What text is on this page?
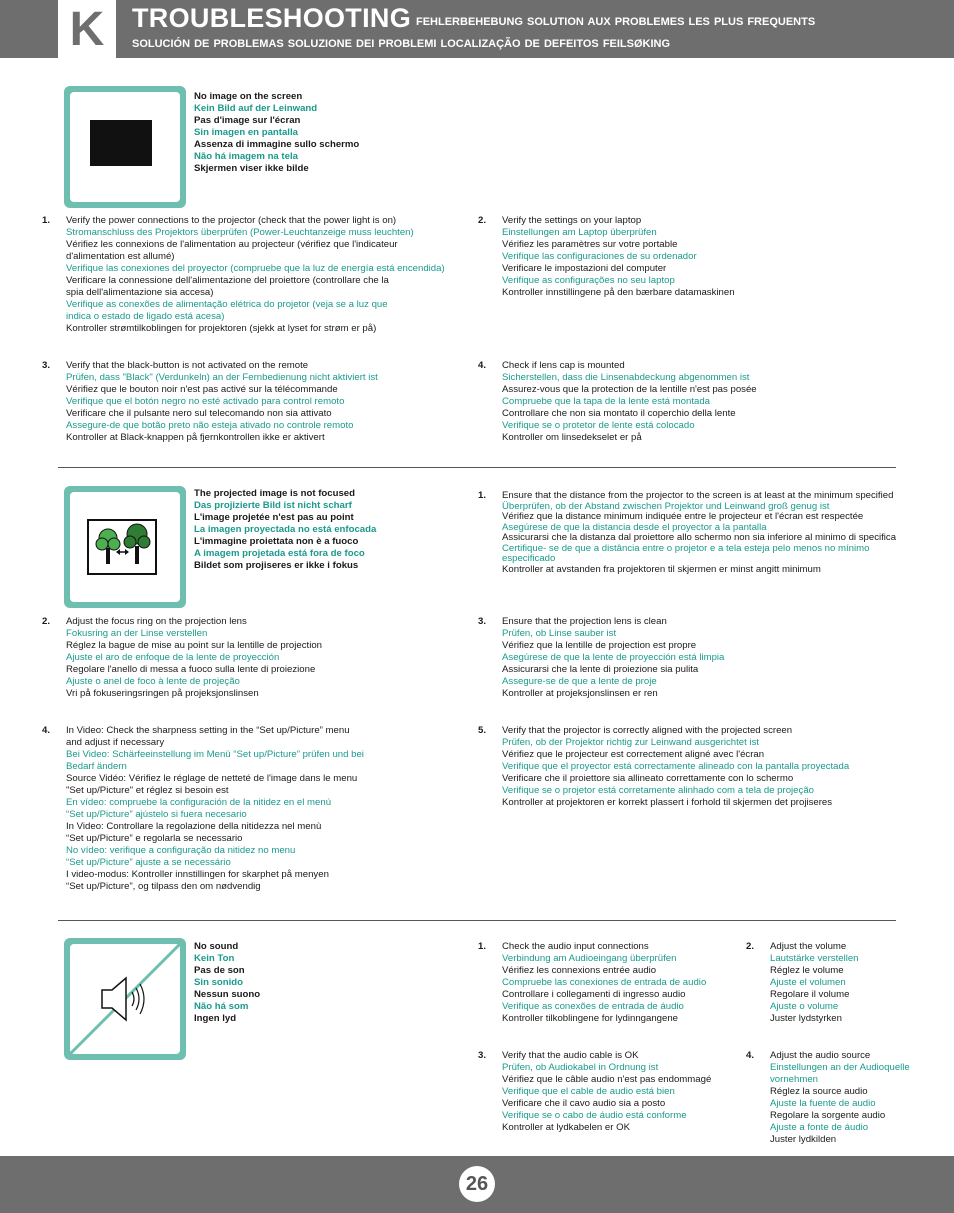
K	TROUBLESHOOTING FEHLERBEHEBUNG SOLUTION AUX PROBLEMES LES PLUS FREQUENTS
SOLUCIÓN DE PROBLEMAS SOLUZIONE DEI PROBLEMI LOCALIZAÇÃO DE DEFEITOS FEILSØKING
No image on the screen
Kein Bild auf der Leinwand
Pas d'image sur l'écran
Sin imagen en pantalla
Assenza di immagine sullo schermo
Não há imagem na tela
Skjermen viser ikke bilde
1. Verify the power connections to the projector (check that the power light is on)
Stromanschluss des Projektors überprüfen (Power-Leuchtanzeige muss leuchten)
Vérifiez les connexions de l'alimentation au projecteur (vérifiez que l'indicateur
d'alimentation est allumé)
Verifique las conexiones del proyector (compruebe que la luz de energía está encendida)
Verificare la connessione dell'alimentazione del proiettore (controllare che la
spia dell'alimentazione sia accesa)
Verifique as conexões de alimentação elétrica do projetor (veja se a luz que
indica o estado de ligado está acesa)
Kontroller strømtilkoblingen for projektoren (sjekk at lyset for strøm er på)
2. Verify the settings on your laptop
Einstellungen am Laptop überprüfen
Vérifiez les paramètres sur votre portable
Verifique las configuraciones de su ordenador
Verificare le impostazioni del computer
Verifique as configurações no seu laptop
Kontroller innstillingene på den bærbare datamaskinen
3. Verify that the black-button is not activated on the remote
Prüfen, dass "Black" (Verdunkeln) an der Fernbedienung nicht aktiviert ist
Vérifiez que le bouton noir n'est pas activé sur la télécommande
Verifique que el botón negro no esté activado para control remoto
Verificare che il pulsante nero sul telecomando non sia attivato
Assegure-de que botão preto não esteja ativado no controle remoto
Kontroller at Black-knappen på fjernkontrollen ikke er aktivert
4. Check if lens cap is mounted
Sicherstellen, dass die Linsenabdeckung abgenommen ist
Assurez-vous que la protection de la lentille n'est pas posée
Compruebe que la tapa de la lente está montada
Controllare che non sia montato il coperchio della lente
Verifique se o protetor de lente está colocado
Kontroller om linsedekselet er på
The projected image is not focused
Das projizierte Bild ist nicht scharf
L'image projetée n'est pas au point
La imagen proyectada no está enfocada
L'immagine proiettata non è a fuoco
A imagem projetada está fora de foco
Bildet som projiseres er ikke i fokus
1. Ensure that the distance from the projector to the screen is at least at the minimum specified
Überprüfen, ob der Abstand zwischen Projektor und Leinwand groß genug ist
Vérifiez que la distance minimum indiquée entre le projecteur et l'écran est respectée
Asegúrese de que la distancia desde el proyector a la pantalla
Assicurarsi che la distanza dal proiettore allo schermo non sia inferiore al minimo di specifica
Certifique- se de que a distância entre o projetor e a tela esteja pelo menos no mínimo
especificado
Kontroller at avstanden fra projektoren til skjermen er minst angitt minimum
2. Adjust the focus ring on the projection lens
Fokusring an der Linse verstellen
Réglez la bague de mise au point sur la lentille de projection
Ajuste el aro de enfoque de la lente de proyección
Regolare l'anello di messa a fuoco sulla lente di proiezione
Ajuste o anel de foco à lente de projeção
Vri på fokuseringsringen på projeksjonslinsen
3. Ensure that the projection lens is clean
Prüfen, ob Linse sauber ist
Vérifiez que la lentille de projection est propre
Asegúrese de que la lente de proyección está limpia
Assicurarsi che la lente di proiezione sia pulita
Assegure-se de que a lente de proje
Kontroller at projeksjonslinsen er ren
4. In Video: Check the sharpness setting in the “Set up/Picture” menu
and adjust if necessary
Bei Video: Schärfeeinstellung im Menü “Set up/Picture” prüfen und bei
Bedarf ändern
Source Vidéo: Vérifiez le réglage de netteté de l'image dans le menu
"Set up/Picture" et réglez si besoin est
En vídeo: compruebe la configuración de la nitidez en el menú
“Set up/Picture” ajústelo si fuera necesario
In Video: Controllare la regolazione della nitidezza nel menù
“Set up/Picture” e regolarla se necessario
No vídeo: verifique a configuração da nitidez no menu
“Set up/Picture” ajuste a se necessário
I video-modus: Kontroller innstillingen for skarphet på menyen
“Set up/Picture”, og tilpass den om nødvendig
5. Verify that the projector is correctly aligned with the projected screen
Prüfen, ob der Projektor richtig zur Leinwand ausgerichtet ist
Vérifiez que le projecteur est correctement aligné avec l'écran
Verifique que el proyector está correctamente alineado con la pantalla proyectada
Verificare che il proiettore sia allineato correttamente con lo schermo
Verifique se o projetor está corretamente alinhado com a tela de projeção
Kontroller at projektoren er korrekt plassert i forhold til skjermen det projiseres
No sound
Kein Ton
Pas de son
Sin sonido
Nessun suono
Não há som
Ingen lyd
1. Check the audio input connections
Verbindung am Audioeingang überprüfen
Vérifiez les connexions entrée audio
Compruebe las conexiones de entrada de audio
Controllare i collegamenti di ingresso audio
Verifique as conexões de entrada de áudio
Kontroller tilkoblingene for lydinngangene
2. Adjust the volume
Lautstärke verstellen
Réglez le volume
Ajuste el volumen
Regolare il volume
Ajuste o volume
Juster lydstyrken
3. Verify that the audio cable is OK
Prüfen, ob Audiokabel in Ordnung ist
Vérifiez que le câble audio n'est pas endommagé
Verifique que el cable de audio está bien
Verificare che il cavo audio sia a posto
Verifique se o cabo de áudio está conforme
Kontroller at lydkabelen er OK
4. Adjust the audio source
Einstellungen an der Audioquelle
vornehmen
Réglez la source audio
Ajuste la fuente de audio
Regolare la sorgente audio
Ajuste a fonte de áudio
Juster lydkilden
26
